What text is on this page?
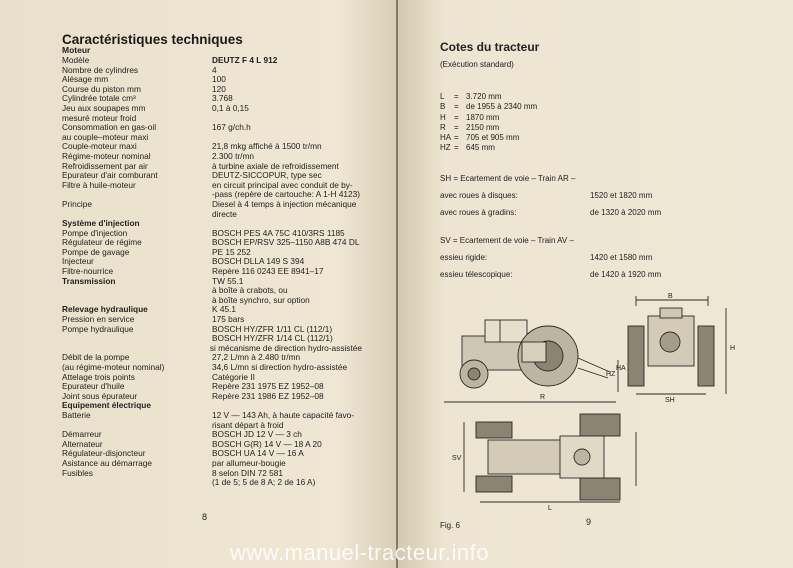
Caractéristiques techniques
Moteur
Modèle	DEUTZ F 4 L 912
Nombre de cylindres	4
Alésage mm	100
Course du piston mm	120
Cylindrée totale cm³	3.768
Jeu aux soupapes mm	0,1 à 0,15
mesuré moteur froid
Consommation en gas-oil	167 g/ch.h
au couple–moteur maxi
Couple-moteur maxi	21,8 mkg affiché à 1500 tr/mn
Régime-moteur nominal	2.300 tr/mn
Refroidissement par air	à turbine axiale de refroidissement
Epurateur d'air comburant	DEUTZ-SICCOPUR, type sec
Filtre à huile-moteur	en circuit principal avec conduit de by-
-pass (repère de cartouche: A 1-H 4123)
Principe	Diesel à 4 temps à injection mécanique
directe
Système d'injection
Pompe d'injection	BOSCH PES 4A 75C 410/3RS 1185
Régulateur de régime	BOSCH EP/RSV 325–1150 A8B 474 DL
Pompe de gavage	PE 15 252
Injecteur	BOSCH DLLA 149 S 394
Filtre-nourrice	Repère 116 0243 EE 8941–17
Transmission	TW 55.1
à boîte à crabots, ou
à boîte synchro, sur option
Relevage hydraulique	K 45.1
Pression en service	175 bars
Pompe hydraulique	BOSCH HY/ZFR 1/11 CL (112/1)
BOSCH HY/ZFR 1/14 CL (112/1)
si mécanisme de direction hydro-assistée
Débit de la pompe	27,2 L/mn à 2.480 tr/mn
(au régime-moteur nominal)	34,6 L/mn si direction hydro-assistée
Attelage trois points	Catégorie II
Epurateur d'huile	Repère 231 1975 EZ 1952–08
Joint sous épurateur	Repère 231 1986 EZ 1952–08
Equipement électrique
Batterie	12 V — 143 Ah, à haute capacité favo-
risant départ à froid
Démarreur	BOSCH JD 12 V — 3 ch
Alternateur	BOSCH G(R) 14 V — 18 A 20
Régulateur-disjoncteur	BOSCH UA 14 V — 16 A
Asistance au démarrage	par allumeur-bougie
Fusibles	8 selon DIN 72 581
(1 de 5; 5 de 8 A; 2 de 16 A)
8
Cotes du tracteur
(Exécution standard)
L	= 3.720 mm
B	= de 1955 à 2340 mm
H	= 1870 mm
R	= 2150 mm
HA = 705 et 905 mm
HZ = 645 mm
SH = Ecartement de voie – Train AR –
avec roues à disques:	1520 et 1820 mm
avec roues à gradins:	de 1320 à 2020 mm
SV = Ecartement de voie – Train AV –
essieu rigide:	1420 et 1580 mm
essieu télescopique:	de 1420 à 1920 mm
B
H
R	SH
SV
L
HA
HZ
Fig. 6	9
www.manuel-tracteur.info
